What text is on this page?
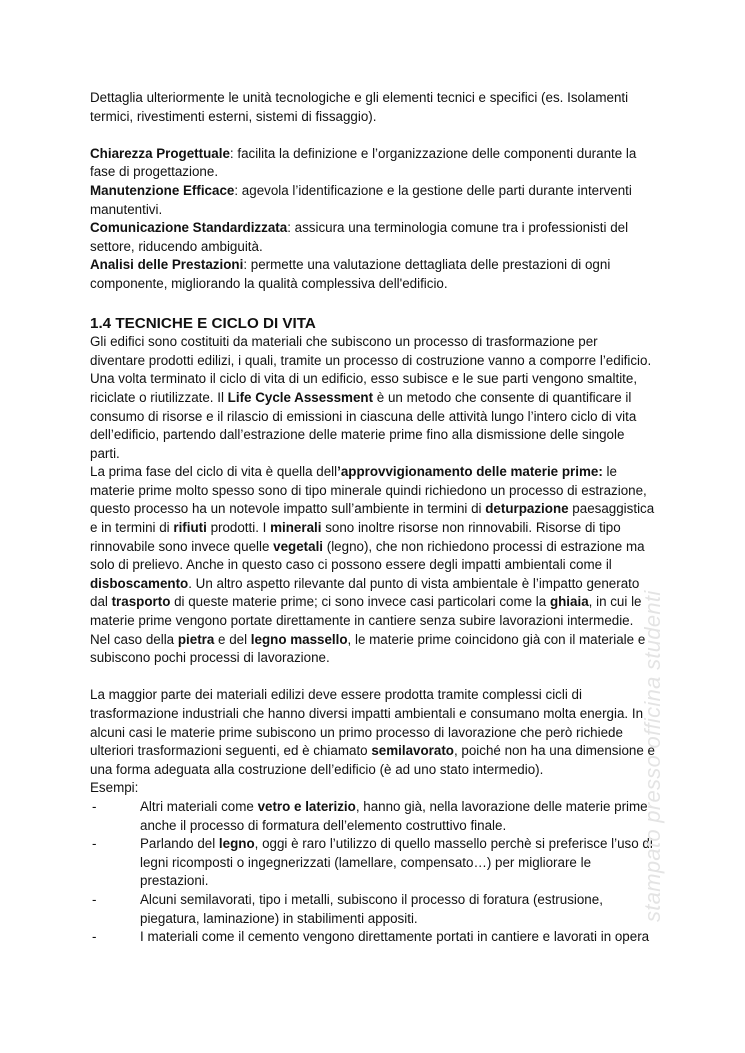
Dettaglia ulteriormente le unità tecnologiche e gli elementi tecnici e specifici (es. Isolamenti termici, rivestimenti esterni, sistemi di fissaggio).

Chiarezza Progettuale: facilita la definizione e l’organizzazione delle componenti durante la fase di progettazione.

Manutenzione Efficace: agevola l’identificazione e la gestione delle parti durante interventi manutentivi.

Comunicazione Standardizzata: assicura una terminologia comune tra i professionisti del settore, riducendo ambiguità.

Analisi delle Prestazioni: permette una valutazione dettagliata delle prestazioni di ogni componente, migliorando la qualità complessiva dell'edificio.

1.4 TECNICHE E CICLO DI VITA

Gli edifici sono costituiti da materiali che subiscono un processo di trasformazione per diventare prodotti edilizi, i quali, tramite un processo di costruzione vanno a comporre l’edificio. Una volta terminato il ciclo di vita di un edificio, esso subisce e le sue parti vengono smaltite, riciclate o riutilizzate. Il Life Cycle Assessment è un metodo che consente di quantificare il consumo di risorse e il rilascio di emissioni in ciascuna delle attività lungo l’intero ciclo di vita dell’edificio, partendo dall’estrazione delle materie prime fino alla dismissione delle singole parti.

La prima fase del ciclo di vita è quella dell’approvvigionamento delle materie prime: le materie prime molto spesso sono di tipo minerale quindi richiedono un processo di estrazione, questo processo ha un notevole impatto sull’ambiente in termini di deturpazione paesaggistica e in termini di rifiuti prodotti. I minerali sono inoltre risorse non rinnovabili. Risorse di tipo rinnovabile sono invece quelle vegetali (legno), che non richiedono processi di estrazione ma solo di prelievo. Anche in questo caso ci possono essere degli impatti ambientali come il disboscamento. Un altro aspetto rilevante dal punto di vista ambientale è l’impatto generato dal trasporto di queste materie prime; ci sono invece casi particolari come la ghiaia, in cui le materie prime vengono portate direttamente in cantiere senza subire lavorazioni intermedie. Nel caso della pietra e del legno massello, le materie prime coincidono già con il materiale e subiscono pochi processi di lavorazione.

La maggior parte dei materiali edilizi deve essere prodotta tramite complessi cicli di trasformazione industriali che hanno diversi impatti ambientali e consumano molta energia. In alcuni casi le materie prime subiscono un primo processo di lavorazione che però richiede ulteriori trasformazioni seguenti, ed è chiamato semilavorato, poiché non ha una dimensione e una forma adeguata alla costruzione dell’edificio (è ad uno stato intermedio).

Esempi:

-	Altri materiali come vetro e laterizio, hanno già, nella lavorazione delle materie prime anche il processo di formatura dell’elemento costruttivo finale.
-	Parlando del legno, oggi è raro l’utilizzo di quello massello perchè si preferisce l’uso di legni ricomposti o ingegnerizzati (lamellare, compensato…) per migliorare le prestazioni.
-	Alcuni semilavorati, tipo i metalli, subiscono il processo di foratura (estrusione, piegatura, laminazione) in stabilimenti appositi.
-	I materiali come il cemento vengono direttamente portati in cantiere e lavorati in opera
stampato presso officina studenti
